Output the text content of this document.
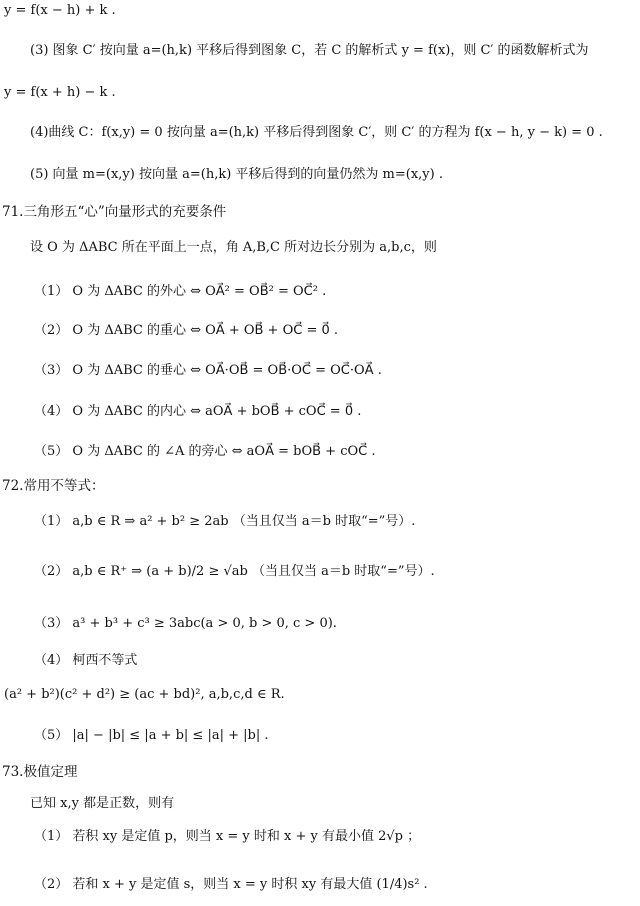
y = f(x − h) + k .
(3) 图象 C′ 按向量 a=(h,k) 平移后得到图象 C，若 C 的解析式 y = f(x)，则 C′ 的函数解析式为
y = f(x + h) − k .
(4)曲线 C：f(x,y) = 0 按向量 a=(h,k) 平移后得到图象 C′，则 C′ 的方程为 f(x − h, y − k) = 0 .
(5) 向量 m=(x,y) 按向量 a=(h,k) 平移后得到的向量仍然为 m=(x,y) .
71.三角形五“心”向量形式的充要条件
设 O 为 ΔABC 所在平面上一点，角 A,B,C 所对边长分别为 a,b,c，则
（1） O 为 ΔABC 的外心 ⇔ OA⃗² = OB⃗² = OC⃗² .
（2） O 为 ΔABC 的重心 ⇔ OA⃗ + OB⃗ + OC⃗ = 0⃗ .
（3） O 为 ΔABC 的垂心 ⇔ OA⃗·OB⃗ = OB⃗·OC⃗ = OC⃗·OA⃗ .
（4） O 为 ΔABC 的内心 ⇔ aOA⃗ + bOB⃗ + cOC⃗ = 0⃗ .
（5） O 为 ΔABC 的 ∠A 的旁心 ⇔ aOA⃗ = bOB⃗ + cOC⃗ .
72.常用不等式：
（1） a,b ∈ R ⇒ a² + b² ≥ 2ab （当且仅当 a＝b 时取“=”号）.
（2） a,b ∈ R⁺ ⇒ (a + b)/2 ≥ √ab （当且仅当 a＝b 时取“=”号）.
（3） a³ + b³ + c³ ≥ 3abc(a > 0, b > 0, c > 0).
（4） 柯西不等式
(a² + b²)(c² + d²) ≥ (ac + bd)², a,b,c,d ∈ R.
（5） |a| − |b| ≤ |a + b| ≤ |a| + |b| .
73.极值定理
已知 x,y 都是正数，则有
（1） 若积 xy 是定值 p，则当 x = y 时和 x + y 有最小值 2√p ；
（2） 若和 x + y 是定值 s，则当 x = y 时积 xy 有最大值 (1/4)s² .
